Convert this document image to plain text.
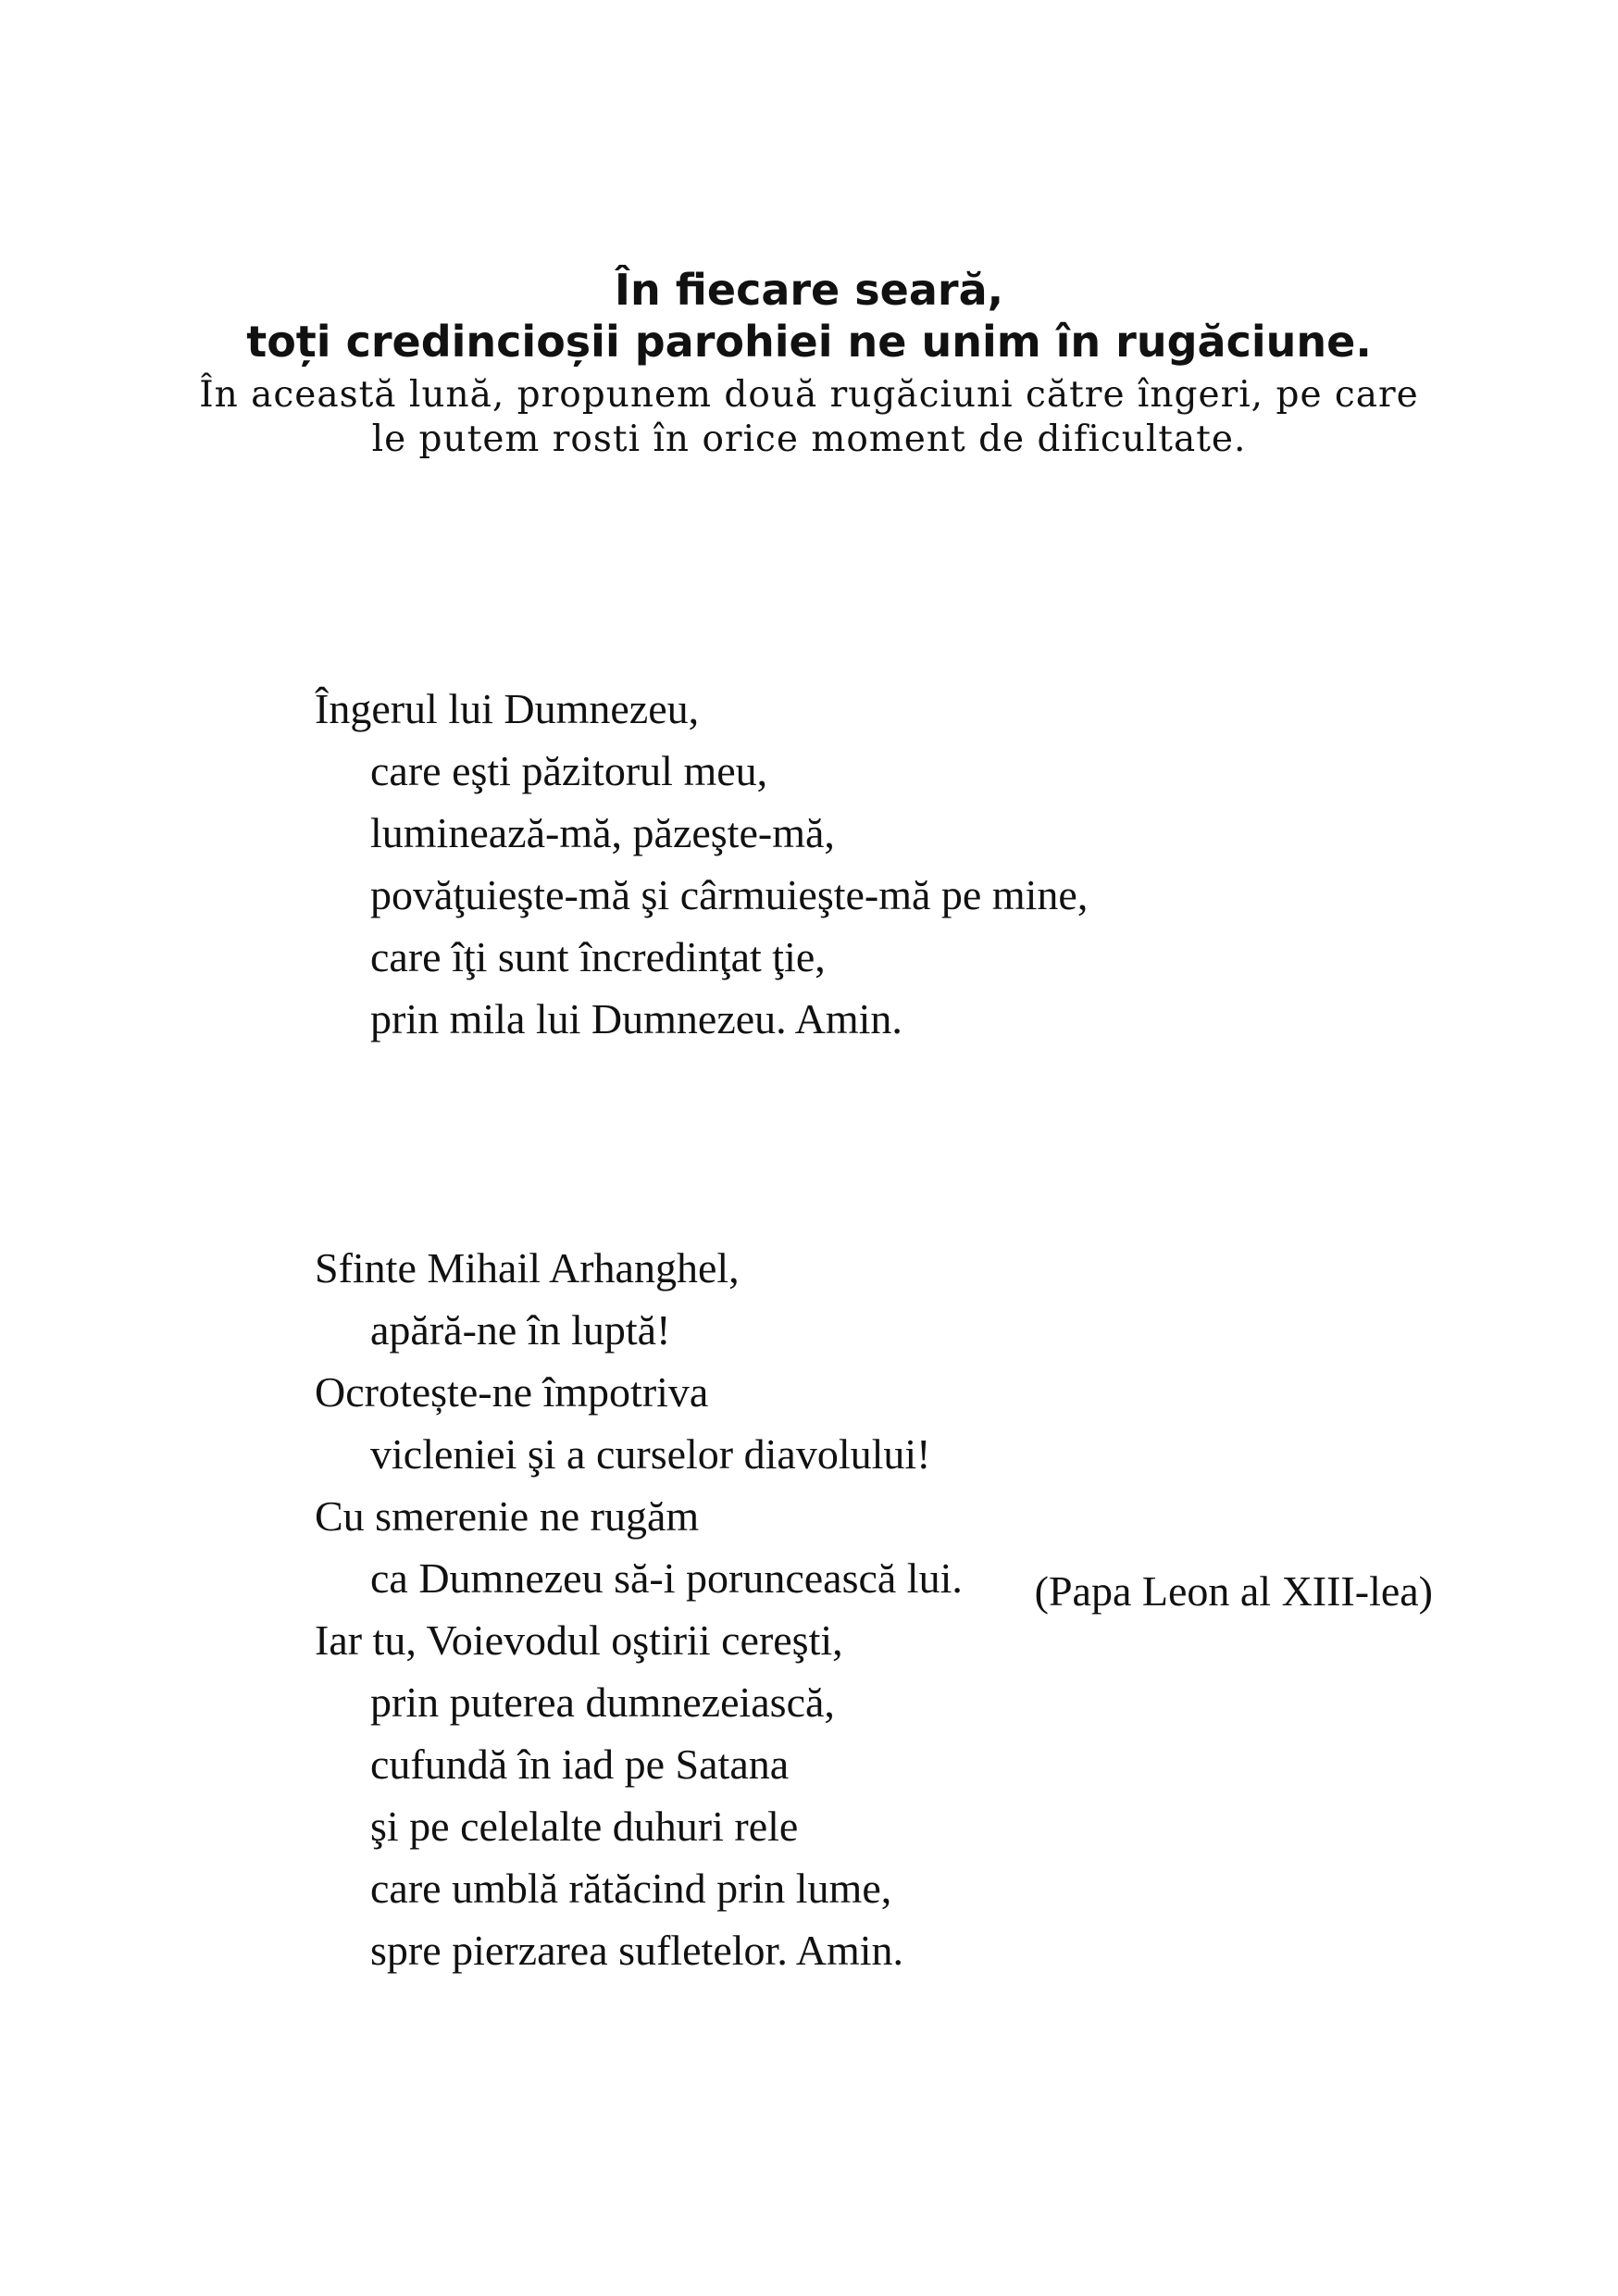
În fiecare seară,
toți credincioșii parohiei ne unim în rugăciune.

În această lună, propunem două rugăciuni către îngeri, pe care
le putem rosti în orice moment de dificultate.

Îngerul lui Dumnezeu,
care eşti păzitorul meu,
luminează-mă, păzeşte-mă,
povăţuieşte-mă şi cârmuieşte-mă pe mine,
care îţi sunt încredinţat ţie,
prin mila lui Dumnezeu. Amin.
Sfinte Mihail Arhanghel,
apără-ne în luptă!
Ocrotește-ne împotriva
vicleniei şi a curselor diavolului!
Cu smerenie ne rugăm
ca Dumnezeu să-i poruncească lui.
Iar tu, Voievodul oştirii cereşti,
prin puterea dumnezeiască,
cufundă în iad pe Satana
şi pe celelalte duhuri rele
care umblă rătăcind prin lume,
spre pierzarea sufletelor. Amin.
(Papa Leon al XIII-lea)
